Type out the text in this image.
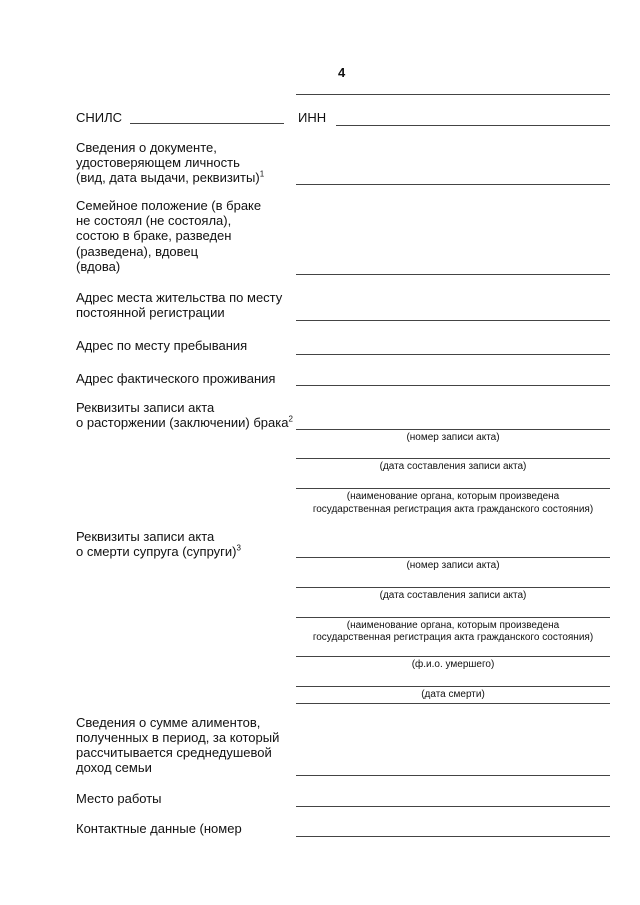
4
СНИЛС	ИНН
Сведения о документе,
удостоверяющем личность
(вид, дата выдачи, реквизиты)$^1$
Семейное положение (в браке
не состоял (не состояла),
состою в браке, разведен
(разведена), вдовец
(вдова)
Адрес места жительства по месту
постоянной регистрации
Адрес по месту пребывания
Адрес фактического проживания
Реквизиты записи акта
о расторжении (заключении) брака$^2$
(номер записи акта)
(дата составления записи акта)
(наименование органа, которым произведена
государственная регистрация акта гражданского состояния)
Реквизиты записи акта
о смерти супруга (супруги)$^3$
(номер записи акта)
(дата составления записи акта)
(наименование органа, которым произведена
государственная регистрация акта гражданского состояния)
(ф.и.о. умершего)
(дата смерти)
Сведения о сумме алиментов,
полученных в период, за который
рассчитывается среднедушевой
доход семьи
Место работы
Контактные данные (номер
